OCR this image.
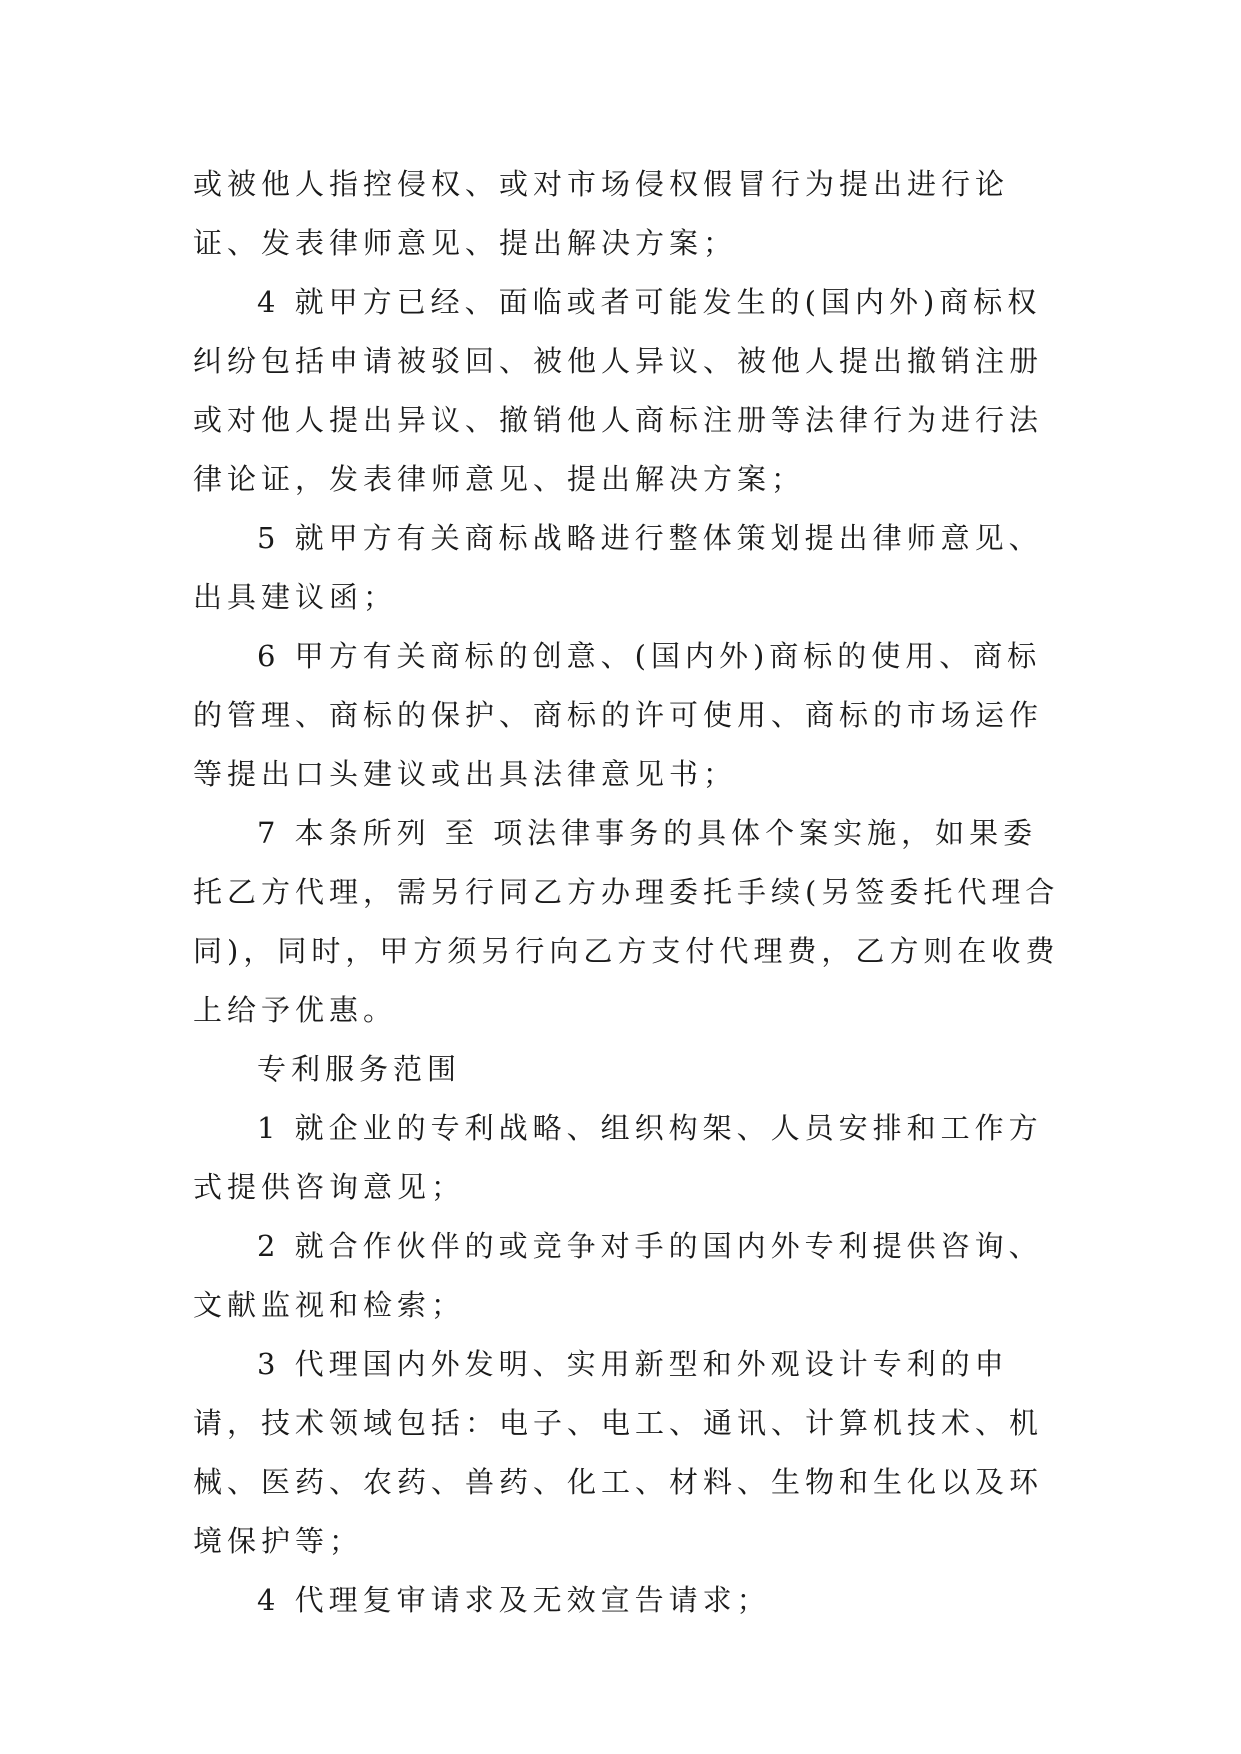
或被他人指控侵权、或对市场侵权假冒行为提出进行论证、发表律师意见、提出解决方案；

4 就甲方已经、面临或者可能发生的(国内外)商标权纠纷包括申请被驳回、被他人异议、被他人提出撤销注册或对他人提出异议、撤销他人商标注册等法律行为进行法律论证，发表律师意见、提出解决方案；

5 就甲方有关商标战略进行整体策划提出律师意见、出具建议函；

6 甲方有关商标的创意、(国内外)商标的使用、商标的管理、商标的保护、商标的许可使用、商标的市场运作等提出口头建议或出具法律意见书；

7 本条所列 至 项法律事务的具体个案实施，如果委托乙方代理，需另行同乙方办理委托手续(另签委托代理合同)，同时，甲方须另行向乙方支付代理费，乙方则在收费上给予优惠。

专利服务范围

1 就企业的专利战略、组织构架、人员安排和工作方式提供咨询意见；

2 就合作伙伴的或竞争对手的国内外专利提供咨询、文献监视和检索；

3 代理国内外发明、实用新型和外观设计专利的申请，技术领域包括：电子、电工、通讯、计算机技术、机械、医药、农药、兽药、化工、材料、生物和生化以及环境保护等；

4 代理复审请求及无效宣告请求；
